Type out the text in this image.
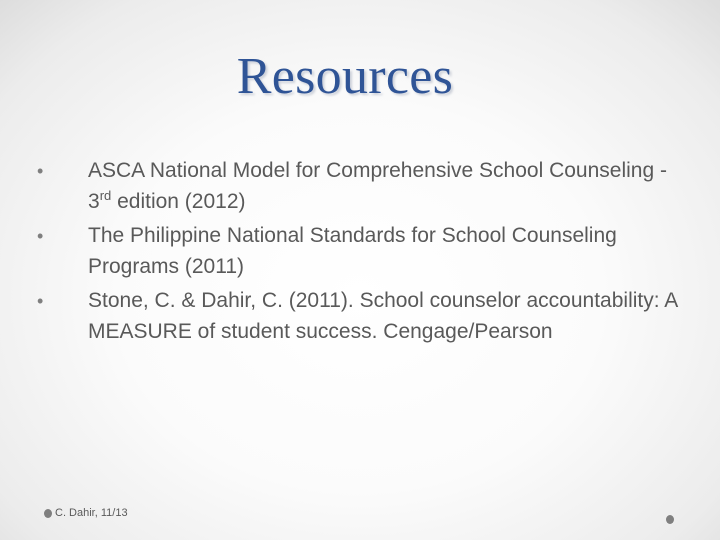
Resources
• ASCA National Model for Comprehensive School Counseling - 3rd edition (2012)
• The Philippine National Standards for School Counseling Programs (2011)
• Stone, C. & Dahir, C. (2011). School counselor accountability: A MEASURE of student success. Cengage/Pearson
C. Dahir, 11/13
